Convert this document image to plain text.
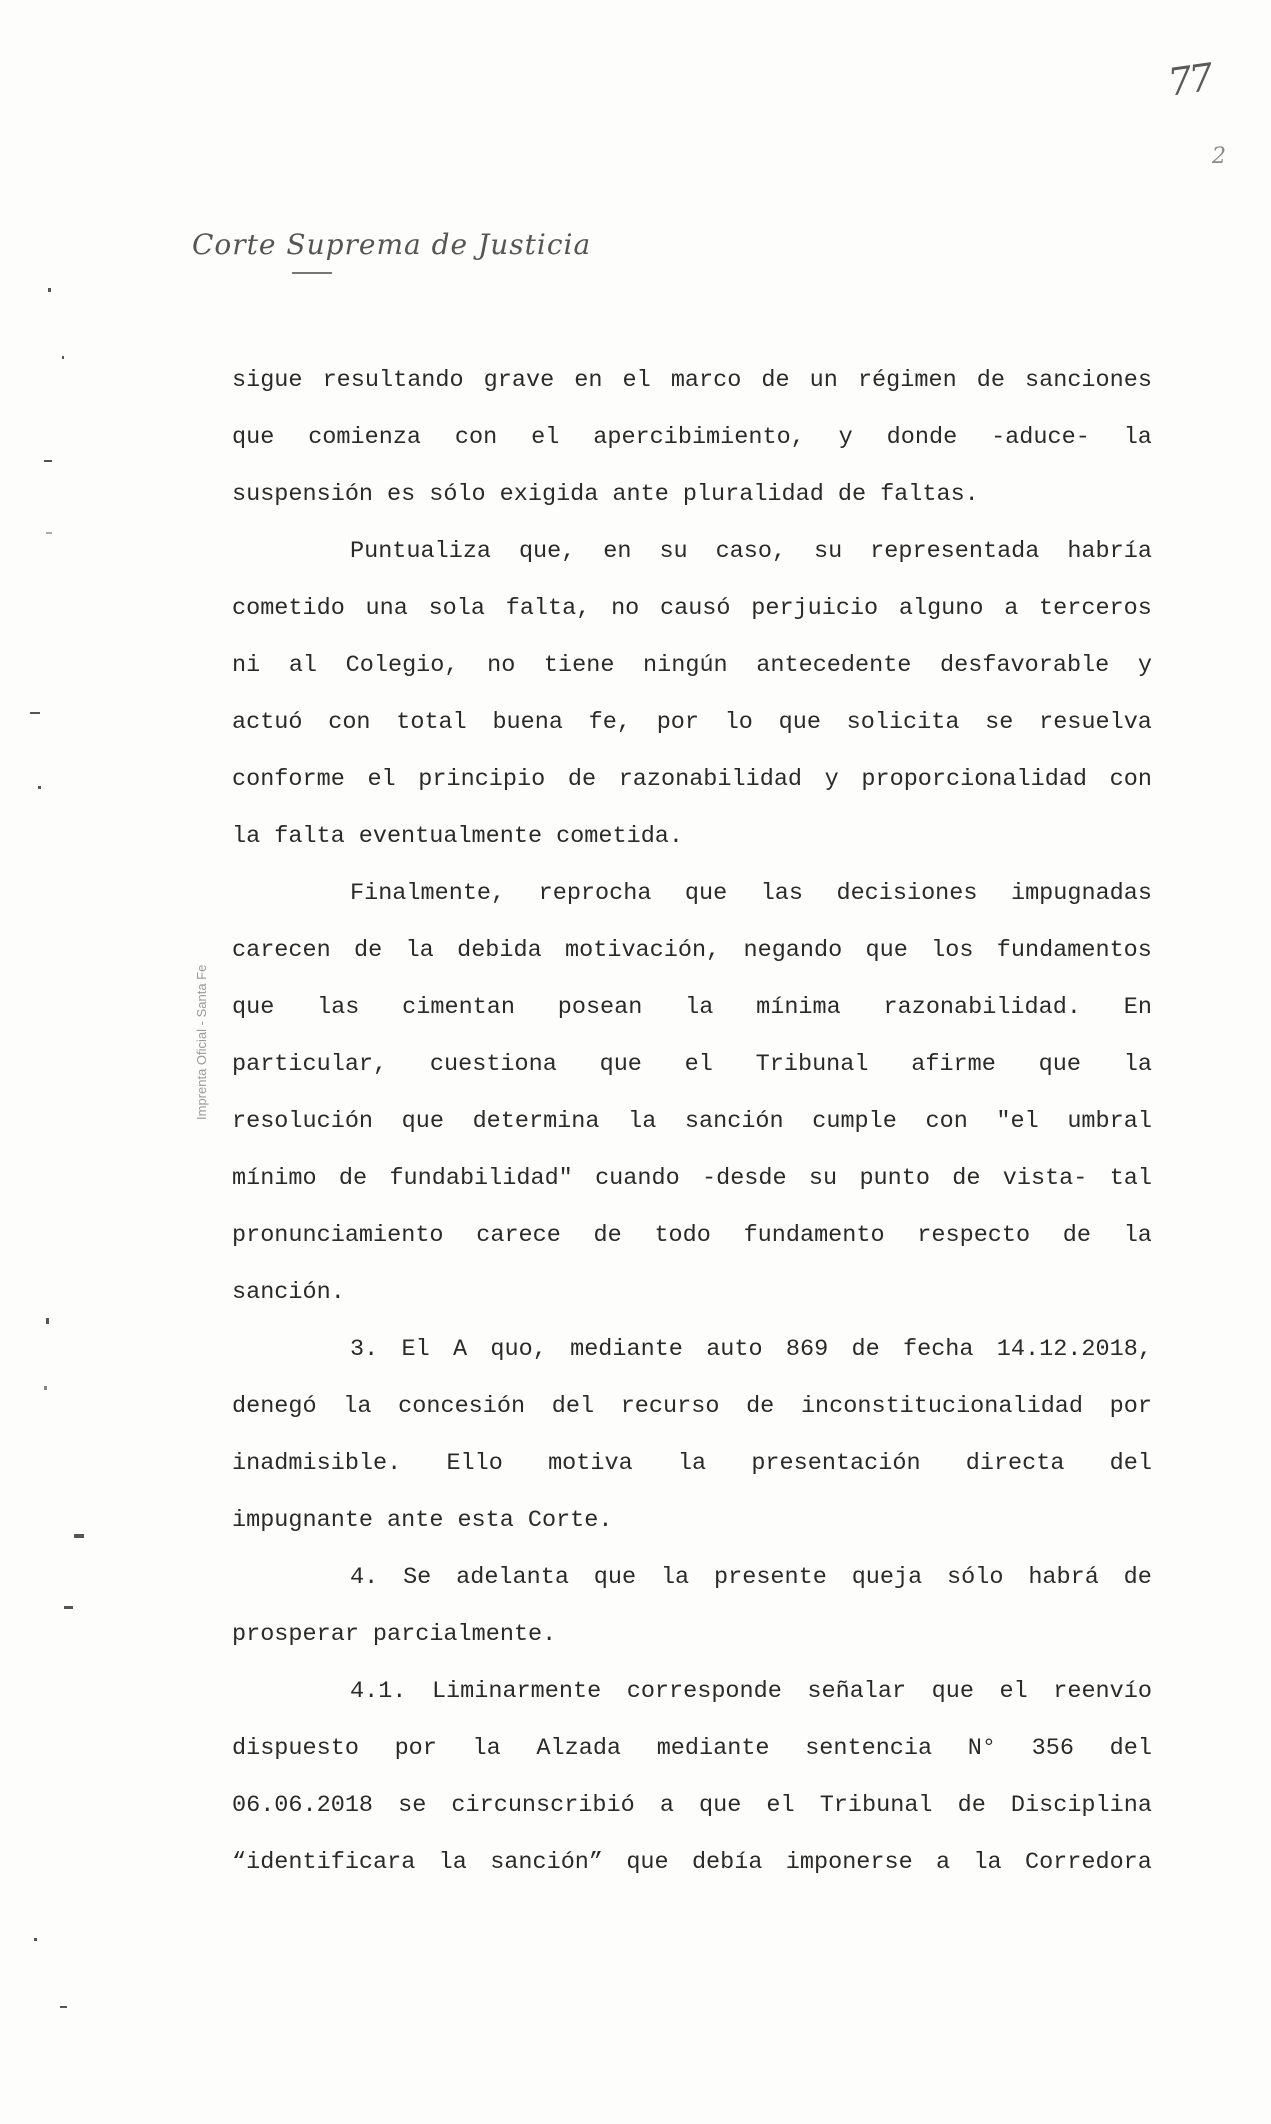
77
2
Corte Suprema de Justicia
Imprenta Oficial - Santa Fe
sigue resultando grave en el marco de un régimen de sanciones
que comienza con el apercibimiento, y donde -aduce- la
suspensión es sólo exigida ante pluralidad de faltas.
Puntualiza que, en su caso, su representada habría
cometido una sola falta, no causó perjuicio alguno a terceros
ni al Colegio, no tiene ningún antecedente desfavorable y
actuó con total buena fe, por lo que solicita se resuelva
conforme el principio de razonabilidad y proporcionalidad con
la falta eventualmente cometida.
Finalmente, reprocha que las decisiones impugnadas
carecen de la debida motivación, negando que los fundamentos
que las cimentan posean la mínima razonabilidad. En
particular, cuestiona que el Tribunal afirme que la
resolución que determina la sanción cumple con "el umbral
mínimo de fundabilidad" cuando -desde su punto de vista- tal
pronunciamiento carece de todo fundamento respecto de la
sanción.
3. El A quo, mediante auto 869 de fecha 14.12.2018,
denegó la concesión del recurso de inconstitucionalidad por
inadmisible. Ello motiva la presentación directa del
impugnante ante esta Corte.
4. Se adelanta que la presente queja sólo habrá de
prosperar parcialmente.
4.1. Liminarmente corresponde señalar que el reenvío
dispuesto por la Alzada mediante sentencia N° 356 del
06.06.2018 se circunscribió a que el Tribunal de Disciplina
“identificara la sanción” que debía imponerse a la Corredora
